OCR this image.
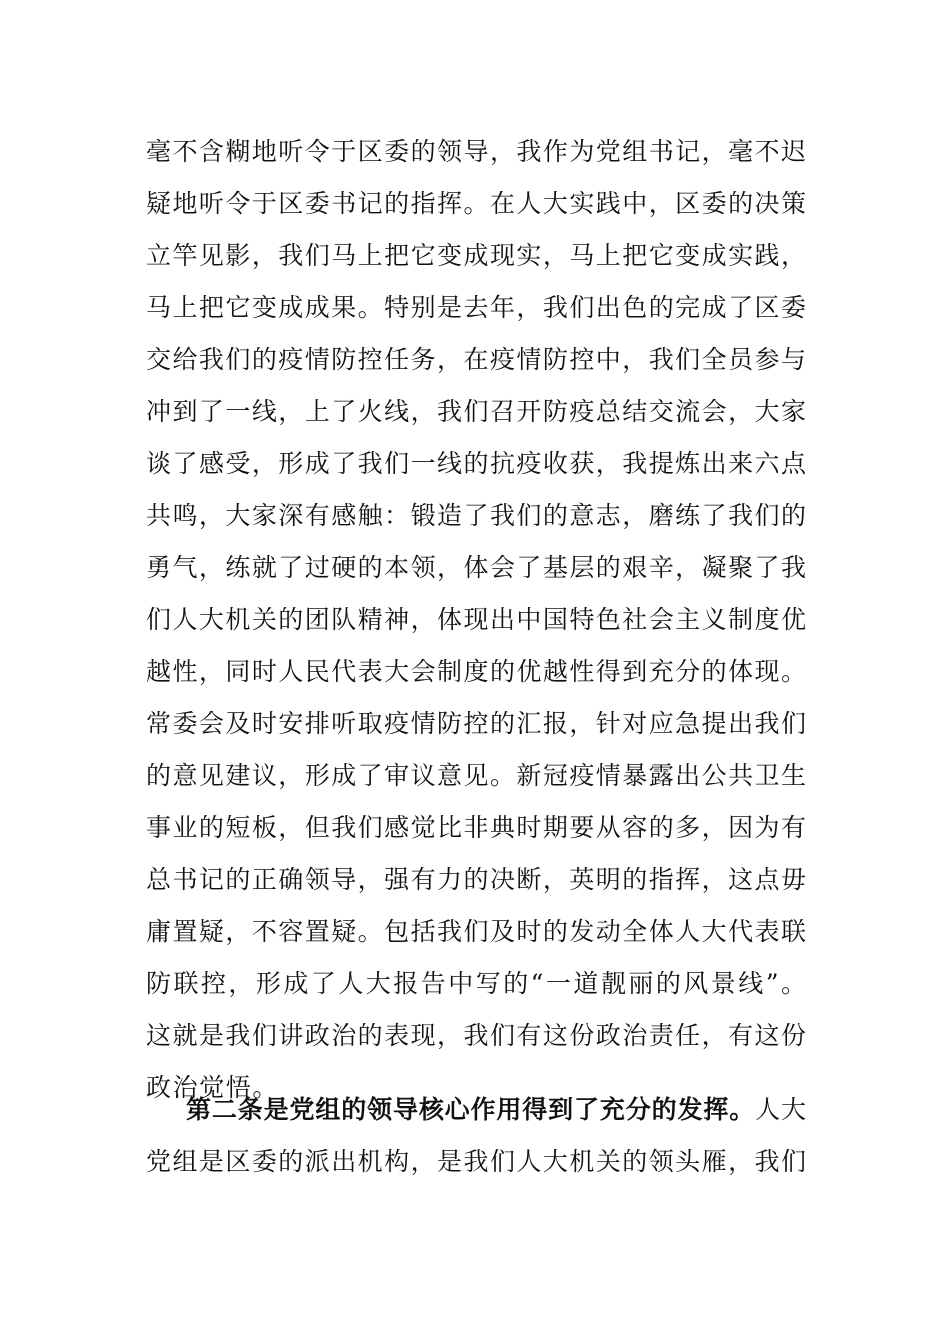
毫不含糊地听令于区委的领导，我作为党组书记，毫不迟
疑地听令于区委书记的指挥。在人大实践中，区委的决策
立竿见影，我们马上把它变成现实，马上把它变成实践，
马上把它变成成果。特别是去年，我们出色的完成了区委
交给我们的疫情防控任务，在疫情防控中，我们全员参与
冲到了一线，上了火线，我们召开防疫总结交流会，大家
谈了感受，形成了我们一线的抗疫收获，我提炼出来六点
共鸣，大家深有感触：锻造了我们的意志，磨练了我们的
勇气，练就了过硬的本领，体会了基层的艰辛，凝聚了我
们人大机关的团队精神，体现出中国特色社会主义制度优
越性，同时人民代表大会制度的优越性得到充分的体现。
常委会及时安排听取疫情防控的汇报，针对应急提出我们
的意见建议，形成了审议意见。新冠疫情暴露出公共卫生
事业的短板，但我们感觉比非典时期要从容的多，因为有
总书记的正确领导，强有力的决断，英明的指挥，这点毋
庸置疑，不容置疑。包括我们及时的发动全体人大代表联
防联控，形成了人大报告中写的“一道靓丽的风景线”。
这就是我们讲政治的表现，我们有这份政治责任，有这份
政治觉悟。
第二条是党组的领导核心作用得到了充分的发挥。人大
党组是区委的派出机构，是我们人大机关的领头雁，我们
